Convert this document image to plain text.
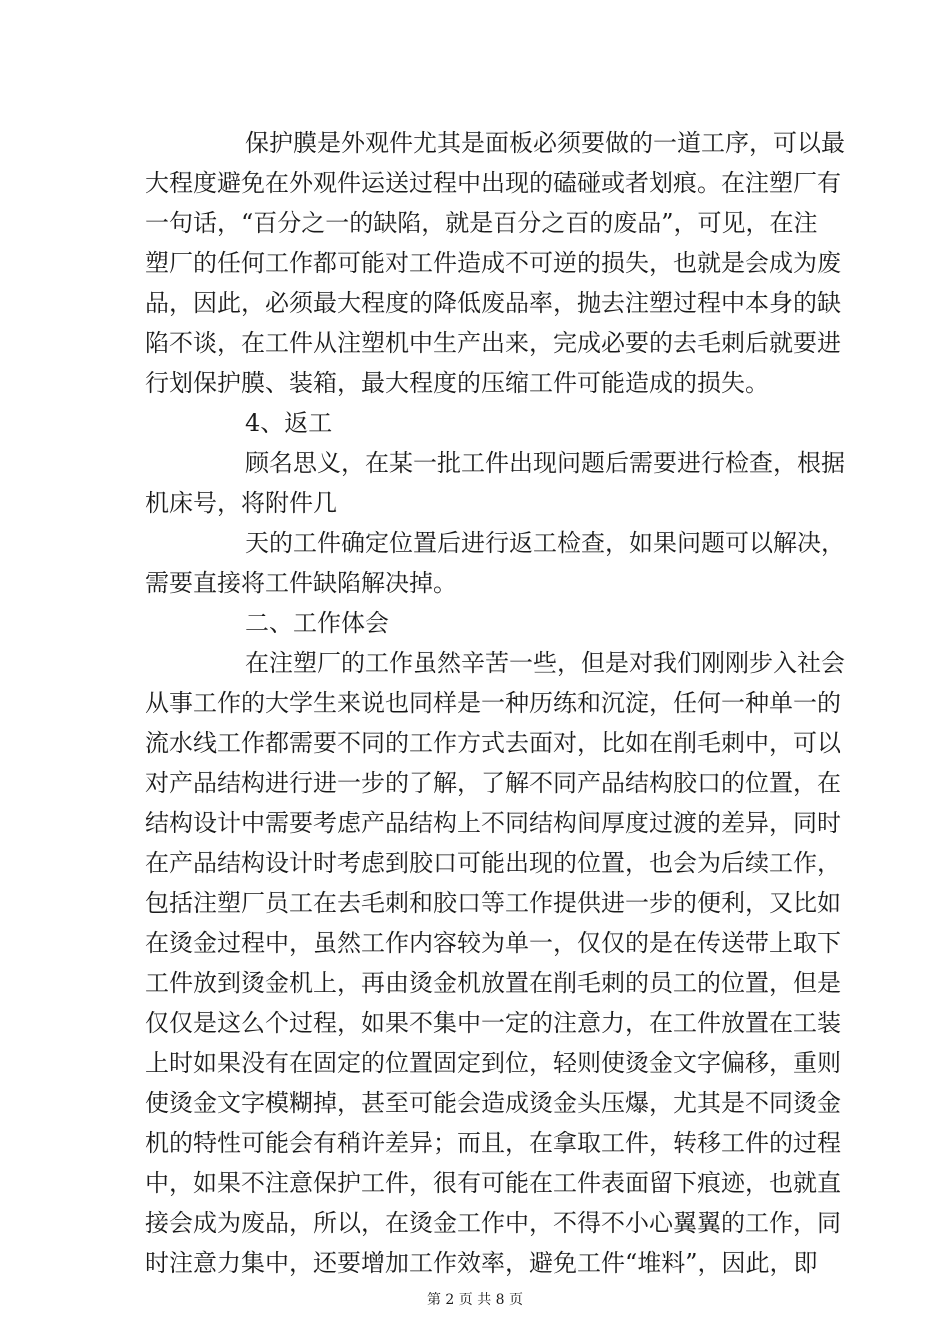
保护膜是外观件尤其是面板必须要做的一道工序，可以最
大程度避免在外观件运送过程中出现的磕碰或者划痕。在注塑厂有
一句话，“百分之一的缺陷，就是百分之百的废品”，可见，在注
塑厂的任何工作都可能对工件造成不可逆的损失，也就是会成为废
品，因此，必须最大程度的降低废品率，抛去注塑过程中本身的缺
陷不谈，在工件从注塑机中生产出来，完成必要的去毛刺后就要进
行划保护膜、装箱，最大程度的压缩工件可能造成的损失。
4、返工
顾名思义，在某一批工件出现问题后需要进行检查，根据
机床号，将附件几
天的工件确定位置后进行返工检查，如果问题可以解决，
需要直接将工件缺陷解决掉。
二、工作体会
在注塑厂的工作虽然辛苦一些，但是对我们刚刚步入社会
从事工作的大学生来说也同样是一种历练和沉淀，任何一种单一的
流水线工作都需要不同的工作方式去面对，比如在削毛刺中，可以
对产品结构进行进一步的了解，了解不同产品结构胶口的位置，在
结构设计中需要考虑产品结构上不同结构间厚度过渡的差异，同时
在产品结构设计时考虑到胶口可能出现的位置，也会为后续工作，
包括注塑厂员工在去毛刺和胶口等工作提供进一步的便利，又比如
在烫金过程中，虽然工作内容较为单一，仅仅的是在传送带上取下
工件放到烫金机上，再由烫金机放置在削毛刺的员工的位置，但是
仅仅是这么个过程，如果不集中一定的注意力，在工件放置在工装
上时如果没有在固定的位置固定到位，轻则使烫金文字偏移，重则
使烫金文字模糊掉，甚至可能会造成烫金头压爆，尤其是不同烫金
机的特性可能会有稍许差异；而且，在拿取工件，转移工件的过程
中，如果不注意保护工件，很有可能在工件表面留下痕迹，也就直
接会成为废品，所以，在烫金工作中，不得不小心翼翼的工作，同
时注意力集中，还要增加工作效率，避免工件“堆料”，因此，即
第 2 页 共 8 页
